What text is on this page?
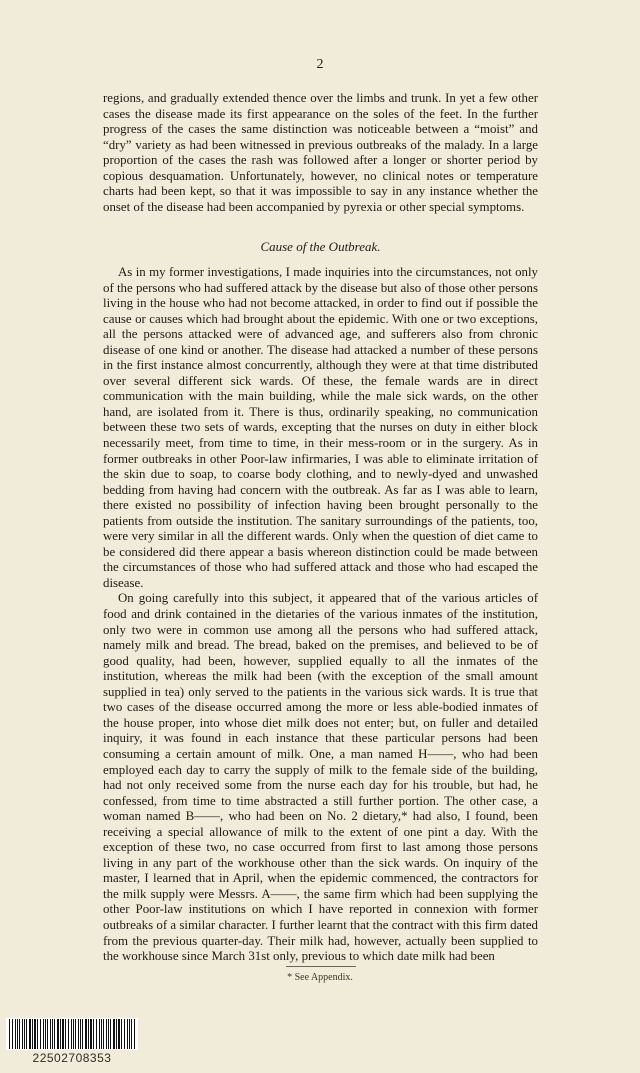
2

regions, and gradually extended thence over the limbs and trunk. In yet a few other cases the disease made its first appearance on the soles of the feet. In the further progress of the cases the same distinction was noticeable between a “moist” and “dry” variety as had been witnessed in previous outbreaks of the malady. In a large proportion of the cases the rash was followed after a longer or shorter period by copious desquamation. Unfortunately, however, no clinical notes or temperature charts had been kept, so that it was impossible to say in any instance whether the onset of the disease had been accompanied by pyrexia or other special symptoms.

Cause of the Outbreak.

As in my former investigations, I made inquiries into the circumstances, not only of the persons who had suffered attack by the disease but also of those other persons living in the house who had not become attacked, in order to find out if possible the cause or causes which had brought about the epidemic. With one or two exceptions, all the persons attacked were of advanced age, and sufferers also from chronic disease of one kind or another. The disease had attacked a number of these persons in the first instance almost concurrently, although they were at that time distributed over several different sick wards. Of these, the female wards are in direct communication with the main building, while the male sick wards, on the other hand, are isolated from it. There is thus, ordinarily speaking, no communication between these two sets of wards, excepting that the nurses on duty in either block necessarily meet, from time to time, in their mess-room or in the surgery. As in former outbreaks in other Poor-law infirmaries, I was able to eliminate irritation of the skin due to soap, to coarse body clothing, and to newly-dyed and unwashed bedding from having had concern with the outbreak. As far as I was able to learn, there existed no possibility of infection having been brought personally to the patients from outside the institution. The sanitary surroundings of the patients, too, were very similar in all the different wards. Only when the question of diet came to be considered did there appear a basis whereon distinction could be made between the circumstances of those who had suffered attack and those who had escaped the disease.

On going carefully into this subject, it appeared that of the various articles of food and drink contained in the dietaries of the various inmates of the institution, only two were in common use among all the persons who had suffered attack, namely milk and bread. The bread, baked on the premises, and believed to be of good quality, had been, however, supplied equally to all the inmates of the institution, whereas the milk had been (with the exception of the small amount supplied in tea) only served to the patients in the various sick wards. It is true that two cases of the disease occurred among the more or less able-bodied inmates of the house proper, into whose diet milk does not enter; but, on fuller and detailed inquiry, it was found in each instance that these particular persons had been consuming a certain amount of milk. One, a man named H——, who had been employed each day to carry the supply of milk to the female side of the building, had not only received some from the nurse each day for his trouble, but had, he confessed, from time to time abstracted a still further portion. The other case, a woman named B——, who had been on No. 2 dietary,* had also, I found, been receiving a special allowance of milk to the extent of one pint a day. With the exception of these two, no case occurred from first to last among those persons living in any part of the workhouse other than the sick wards. On inquiry of the master, I learned that in April, when the epidemic commenced, the contractors for the milk supply were Messrs. A——, the same firm which had been supplying the other Poor-law institutions on which I have reported in connexion with former outbreaks of a similar character. I further learnt that the contract with this firm dated from the previous quarter-day. Their milk had, however, actually been supplied to the workhouse since March 31st only, previous to which date milk had been

* See Appendix.
22502708353
